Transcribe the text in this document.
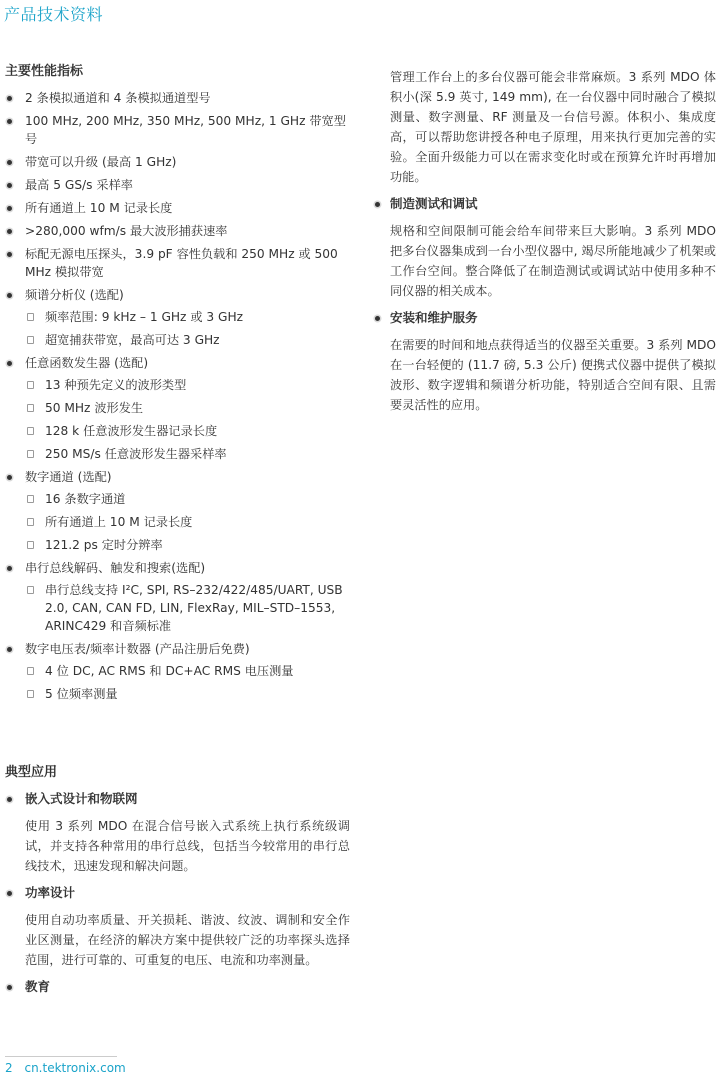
产品技术资料
主要性能指标
2 条模拟通道和 4 条模拟通道型号
100 MHz, 200 MHz, 350 MHz, 500 MHz, 1 GHz 带宽型号
带宽可以升级 (最高 1 GHz)
最高 5 GS/s 采样率
所有通道上 10 M 记录长度
>280,000 wfm/s 最大波形捕获速率
标配无源电压探头，3.9 pF 容性负载和 250 MHz 或 500 MHz 模拟带宽
频谱分析仪 (选配)
频率范围: 9 kHz – 1 GHz 或 3 GHz
超宽捕获带宽，最高可达 3 GHz
任意函数发生器 (选配)
13 种预先定义的波形类型
50 MHz 波形发生
128 k 任意波形发生器记录长度
250 MS/s 任意波形发生器采样率
数字通道 (选配)
16 条数字通道
所有通道上 10 M 记录长度
121.2 ps 定时分辨率
串行总线解码、触发和搜索(选配)
串行总线支持 I²C, SPI, RS–232/422/485/UART, USB 2.0, CAN, CAN FD, LIN, FlexRay, MIL–STD–1553, ARINC429 和音频标准
数字电压表/频率计数器 (产品注册后免费)
4 位 DC, AC RMS 和 DC+AC RMS 电压测量
5 位频率测量
典型应用
嵌入式设计和物联网

使用 3 系列 MDO 在混合信号嵌入式系统上执行系统级调试，并支持各种常用的串行总线，包括当今较常用的串行总线技术，迅速发现和解决问题。

功率设计

使用自动功率质量、开关损耗、谐波、纹波、调制和安全作业区测量，在经济的解决方案中提供较广泛的功率探头选择范围，进行可靠的、可重复的电压、电流和功率测量。

教育

管理工作台上的多台仪器可能会非常麻烦。3 系列 MDO 体积小(深 5.9 英寸, 149 mm), 在一台仪器中同时融合了模拟测量、数字测量、RF 测量及一台信号源。体积小、集成度高，可以帮助您讲授各种电子原理，用来执行更加完善的实验。全面升级能力可以在需求变化时或在预算允许时再增加功能。

制造测试和调试

规格和空间限制可能会给车间带来巨大影响。3 系列 MDO 把多台仪器集成到一台小型仪器中, 竭尽所能地减少了机架或工作台空间。整合降低了在制造测试或调试站中使用多种不同仪器的相关成本。

安装和维护服务

在需要的时间和地点获得适当的仪器至关重要。3 系列 MDO 在一台轻便的 (11.7 磅, 5.3 公斤) 便携式仪器中提供了模拟波形、数字逻辑和频谱分析功能，特别适合空间有限、且需要灵活性的应用。

2 cn.tektronix.com
